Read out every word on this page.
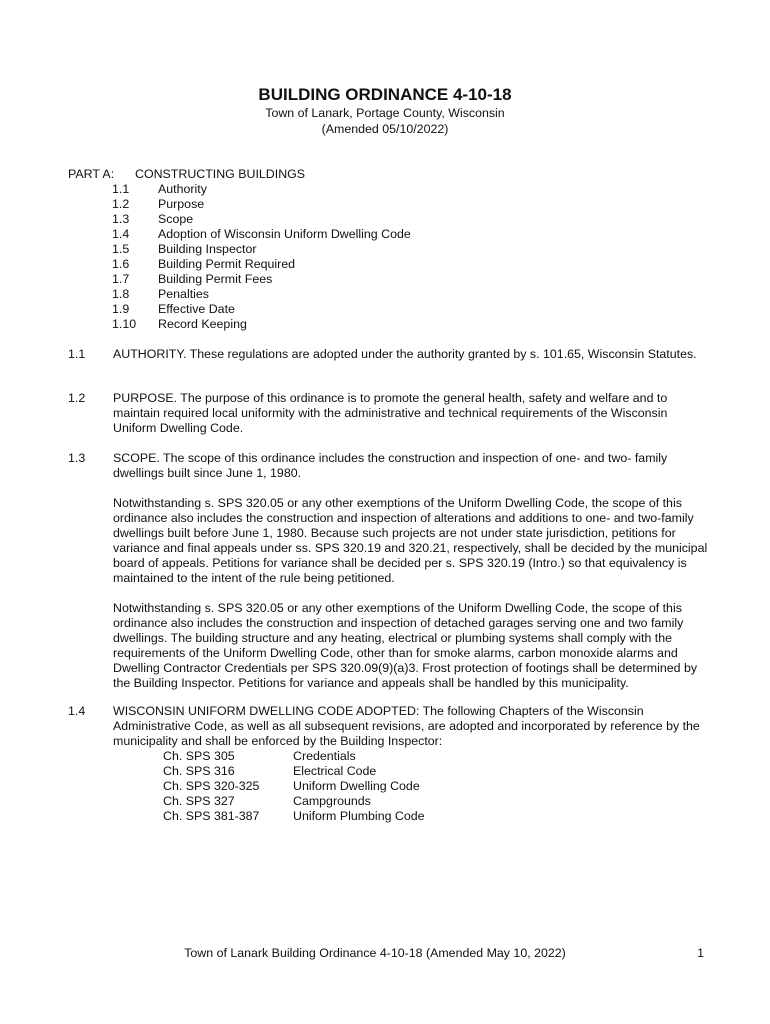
BUILDING ORDINANCE 4-10-18
Town of Lanark, Portage County, Wisconsin
(Amended 05/10/2022)
PART A: CONSTRUCTING BUILDINGS
1.1 Authority
1.2 Purpose
1.3 Scope
1.4 Adoption of Wisconsin Uniform Dwelling Code
1.5 Building Inspector
1.6 Building Permit Required
1.7 Building Permit Fees
1.8 Penalties
1.9 Effective Date
1.10 Record Keeping
1.1 AUTHORITY. These regulations are adopted under the authority granted by s. 101.65, Wisconsin Statutes.

1.2 PURPOSE. The purpose of this ordinance is to promote the general health, safety and welfare and to maintain required local uniformity with the administrative and technical requirements of the Wisconsin Uniform Dwelling Code.

1.3 SCOPE. The scope of this ordinance includes the construction and inspection of one- and two- family dwellings built since June 1, 1980.

Notwithstanding s. SPS 320.05 or any other exemptions of the Uniform Dwelling Code, the scope of this ordinance also includes the construction and inspection of alterations and additions to one- and two-family dwellings built before June 1, 1980. Because such projects are not under state jurisdiction, petitions for variance and final appeals under ss. SPS 320.19 and 320.21, respectively, shall be decided by the municipal board of appeals. Petitions for variance shall be decided per s. SPS 320.19 (Intro.) so that equivalency is maintained to the intent of the rule being petitioned.

Notwithstanding s. SPS 320.05 or any other exemptions of the Uniform Dwelling Code, the scope of this ordinance also includes the construction and inspection of detached garages serving one and two family dwellings. The building structure and any heating, electrical or plumbing systems shall comply with the requirements of the Uniform Dwelling Code, other than for smoke alarms, carbon monoxide alarms and Dwelling Contractor Credentials per SPS 320.09(9)(a)3. Frost protection of footings shall be determined by the Building Inspector. Petitions for variance and appeals shall be handled by this municipality.

1.4 WISCONSIN UNIFORM DWELLING CODE ADOPTED: The following Chapters of the Wisconsin Administrative Code, as well as all subsequent revisions, are adopted and incorporated by reference by the municipality and shall be enforced by the Building Inspector:

Ch. SPS 305	Credentials
Ch. SPS 316	Electrical Code
Ch. SPS 320-325	Uniform Dwelling Code
Ch. SPS 327	Campgrounds
Ch. SPS 381-387	Uniform Plumbing Code
Town of Lanark Building Ordinance 4-10-18 (Amended May 10, 2022)	1
